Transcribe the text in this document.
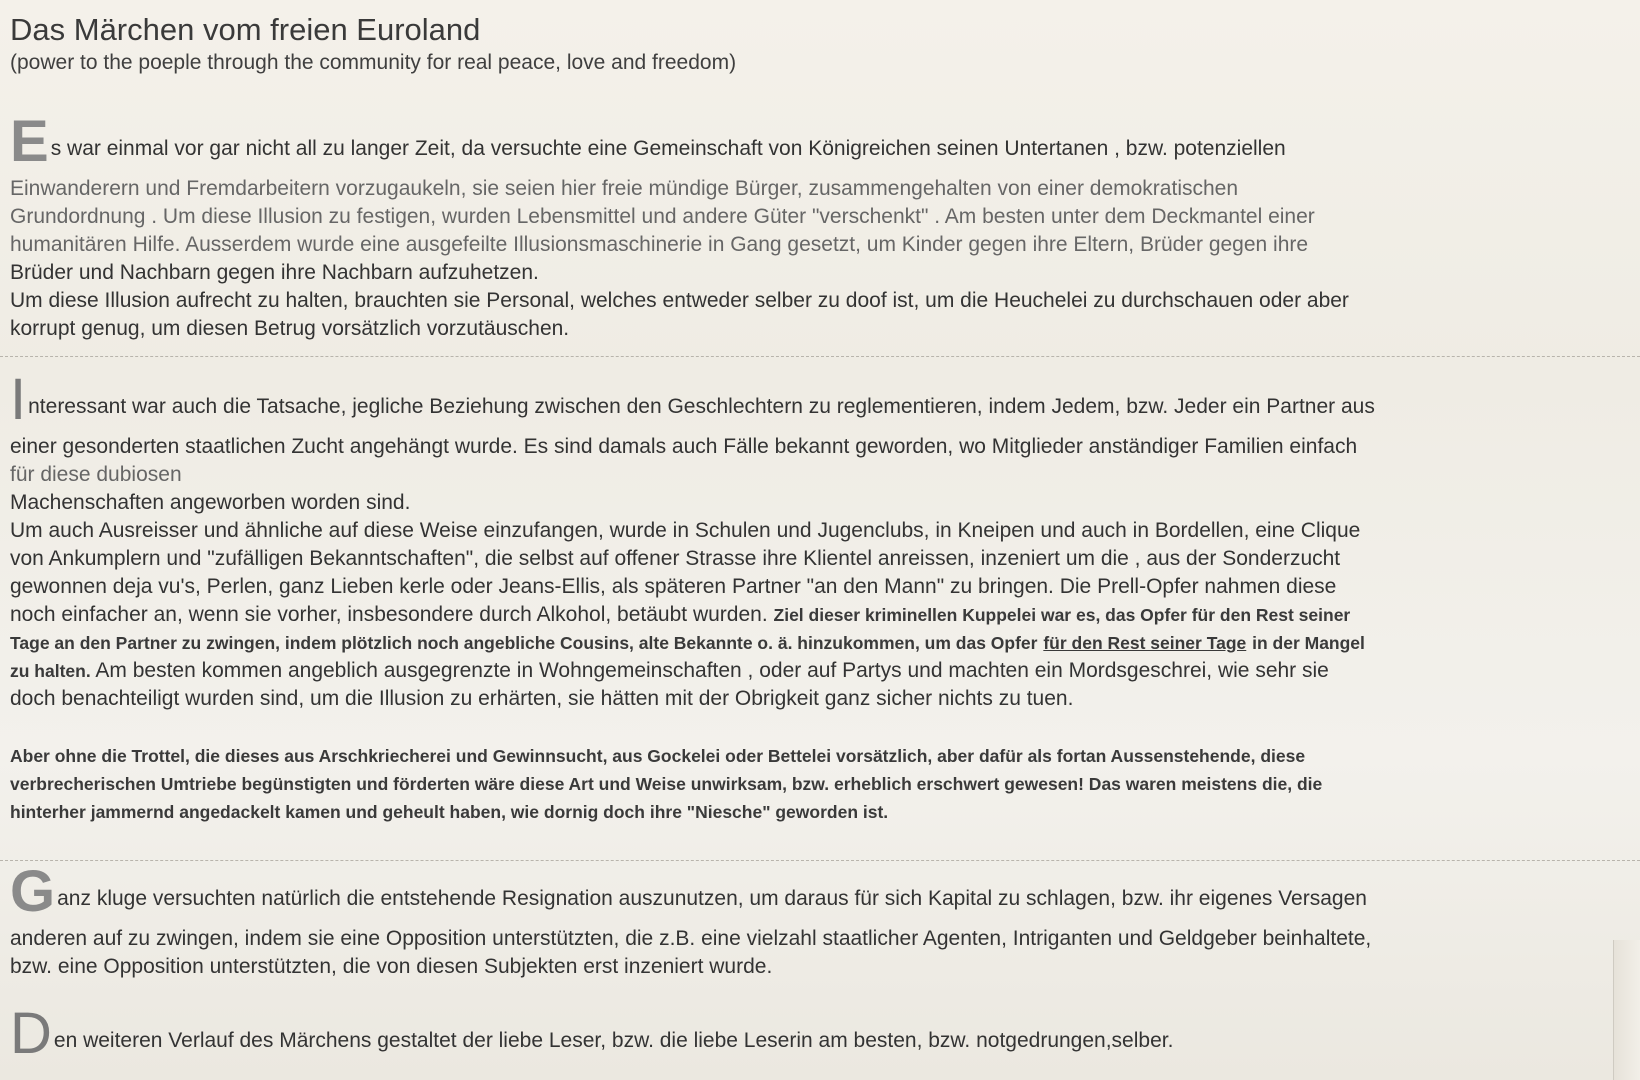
Das Märchen vom freien Euroland
(power to the poeple through the community for real peace, love and freedom)
Es war einmal vor gar nicht all zu langer Zeit, da versuchte eine Gemeinschaft von Königreichen seinen Untertanen , bzw. potenziellen
Einwanderern und Fremdarbeitern vorzugaukeln, sie seien hier freie mündige Bürger, zusammengehalten von einer demokratischen
Grundordnung . Um diese Illusion zu festigen, wurden Lebensmittel und andere Güter "verschenkt" . Am besten unter dem Deckmantel einer
humanitären Hilfe. Ausserdem wurde eine ausgefeilte Illusionsmaschinerie in Gang gesetzt, um Kinder gegen ihre Eltern, Brüder gegen ihre
Brüder und Nachbarn gegen ihre Nachbarn aufzuhetzen.
Um diese Illusion aufrecht zu halten, brauchten sie Personal, welches entweder selber zu doof ist, um die Heuchelei zu durchschauen oder aber
korrupt genug, um diesen Betrug vorsätzlich vorzutäuschen.
Interessant war auch die Tatsache, jegliche Beziehung zwischen den Geschlechtern zu reglementieren, indem Jedem, bzw. Jeder ein Partner aus
einer gesonderten staatlichen Zucht angehängt wurde. Es sind damals auch Fälle bekannt geworden, wo Mitglieder anständiger Familien einfach
für diese dubiosen
Machenschaften angeworben worden sind.
Um auch Ausreisser und ähnliche auf diese Weise einzufangen, wurde in Schulen und Jugenclubs, in Kneipen und auch in Bordellen, eine Clique
von Ankumplern und "zufälligen Bekanntschaften", die selbst auf offener Strasse ihre Klientel anreissen, inzeniert um die , aus der Sonderzucht
gewonnen deja vu's, Perlen, ganz Lieben kerle oder Jeans-Ellis, als späteren Partner "an den Mann" zu bringen. Die Prell-Opfer nahmen diese
noch einfacher an, wenn sie vorher, insbesondere durch Alkohol, betäubt wurden. Ziel dieser kriminellen Kuppelei war es, das Opfer für den Rest seiner
Tage an den Partner zu zwingen, indem plötzlich noch angebliche Cousins, alte Bekannte o. ä. hinzukommen, um das Opfer für den Rest seiner Tage in der Mangel
zu halten. Am besten kommen angeblich ausgegrenzte in Wohngemeinschaften , oder auf Partys und machten ein Mordsgeschrei, wie sehr sie
doch benachteiligt wurden sind, um die Illusion zu erhärten, sie hätten mit der Obrigkeit ganz sicher nichts zu tuen.
Aber ohne die Trottel, die dieses aus Arschkriecherei und Gewinnsucht, aus Gockelei oder Bettelei vorsätzlich, aber dafür als fortan Aussenstehende, diese
verbrecherischen Umtriebe begünstigten und förderten wäre diese Art und Weise unwirksam, bzw. erheblich erschwert gewesen! Das waren meistens die, die
hinterher jammernd angedackelt kamen und geheult haben, wie dornig doch ihre "Niesche" geworden ist.
Ganz kluge versuchten natürlich die entstehende Resignation auszunutzen, um daraus für sich Kapital zu schlagen, bzw. ihr eigenes Versagen
anderen auf zu zwingen, indem sie eine Opposition unterstützten, die z.B. eine vielzahl staatlicher Agenten, Intriganten und Geldgeber beinhaltete,
bzw. eine Opposition unterstützten, die von diesen Subjekten erst inzeniert wurde.
Den weiteren Verlauf des Märchens gestaltet der liebe Leser, bzw. die liebe Leserin am besten, bzw. notgedrungen,selber.
